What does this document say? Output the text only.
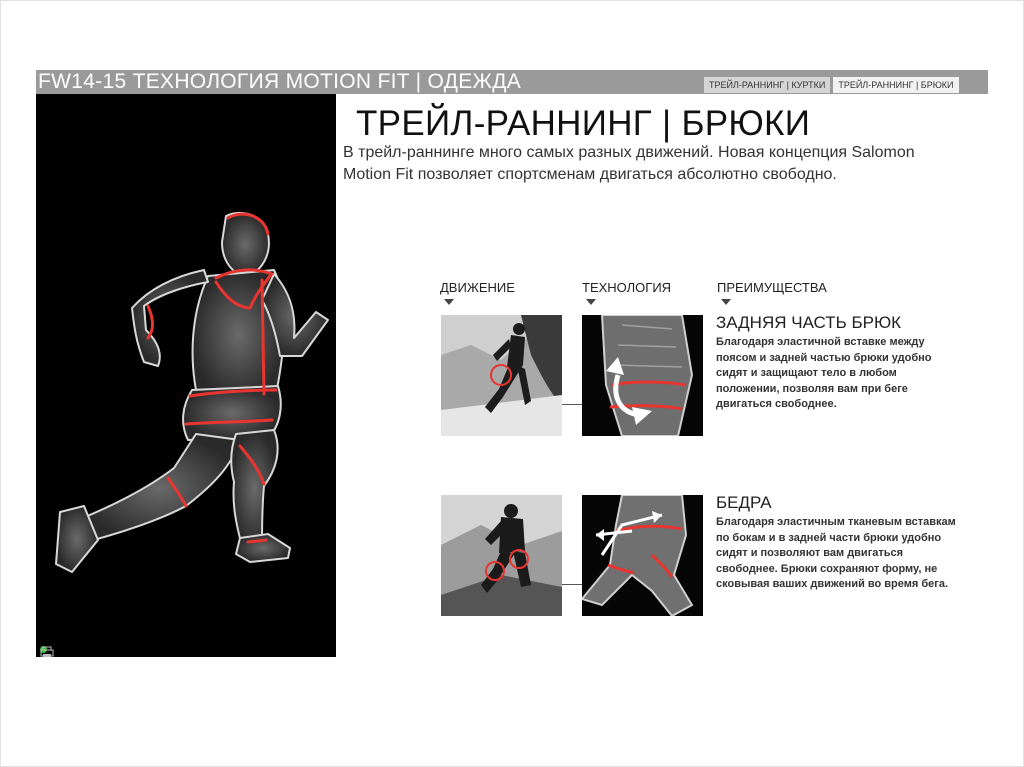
FW14-15 ТЕХНОЛОГИЯ MOTION FIT | ОДЕЖДА	ТРЕЙЛ-РАННИНГ | КУРТКИ	ТРЕЙЛ-РАННИНГ | БРЮКИ
ТРЕЙЛ-РАННИНГ | БРЮКИ
В трейл-раннинге много самых разных движений. Новая концепция Salomon Motion Fit позволяет спортсменам двигаться абсолютно свободно.
ДВИЖЕНИЕ	ТЕХНОЛОГИЯ	ПРЕИМУЩЕСТВА
ЗАДНЯЯ ЧАСТЬ БРЮК
Благодаря эластичной вставке между поясом и задней частью брюки удобно сидят и защищают тело в любом положении, позволяя вам при беге двигаться свободнее.
БЕДРА
Благодаря эластичным тканевым вставкам по бокам и в задней части брюки удобно сидят и позволяют вам двигаться свободнее. Брюки сохраняют форму, не сковывая ваших движений во время бега.
